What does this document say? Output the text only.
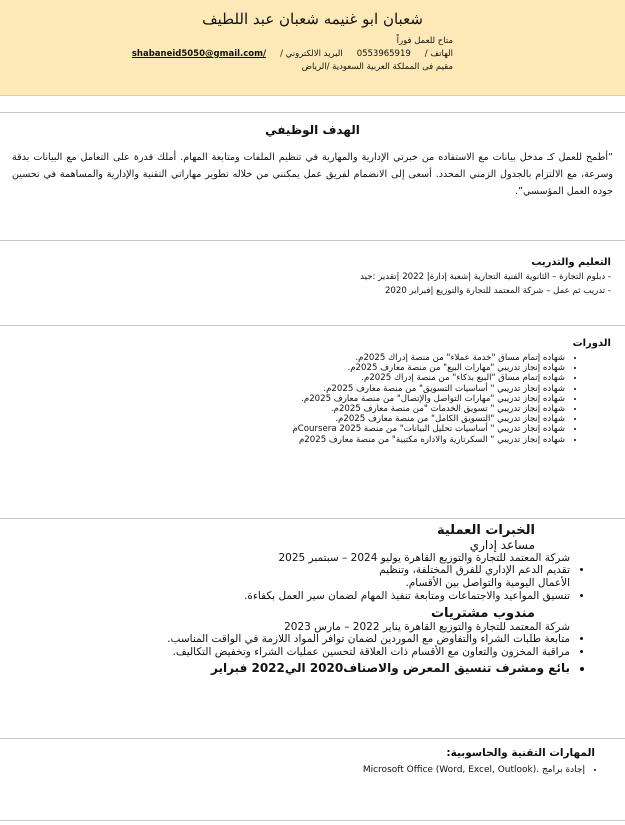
شعبان ابو غنيمه شعبان عبد اللطيف
متاح للعمل فوراً
الهاتف /
0553965919
البريد الالكتروني /
shabaneid5050@gmail.com/
مقيم فى المملكة العربية السعودية /الرياض
الهدف الوظيفي
”أطمح للعمل كـ مدخل بيانات مع الاستفاده من خبرتي الإدارية والمهارية في تنظيم الملفات ومتابعة المهام. أملك قدرة على التعامل مع البيانات بدقة وسرعة، مع الالتزام بالجدول الزمني المحدد. أسعى إلى الانضمام لفريق عمل يمكنني من خلاله تطوير مهاراتي التقنية والإدارية والمساهمة في تحسين جوده العمل المؤسسي”.
التعليم والتدريب
- دبلوم التجارة – الثانوية الفنية التجارية |شعبة إدارة| 2022 |تقدير :جيد
- تدريب ثم عمل – شركة المعتمد للتجارة والتوزيع |فبراير 2020
الدورات
• شهاده إتمام مساق "خدمة عملاء" من منصة إدراك 2025م.
• شهاده إنجاز تدريبي "مهارات البيع" من منصة معارف 2025م.
• شهاده إتمام مساق "البيع بذكاء" من منصة إدراك 2025م.
• شهاده إنجاز تدريبي " أساسيات التسويق" من منصة معارف 2025م.
• شهاده إنجاز تدريبي "مهارات التواصل والإتصال" من منصة معارف 2025م.
• شهاده إنجاز تدريبي " تسويق الخدمات "من منصة معارف 2025م.
• شهاده إنجاز تدريبي "التسويق الكامل" من منصة معارف 2025م.
• شهاده إنجاز تدريبي " أساسيات تحليل البيانات" من منصة Coursera 2025م
• شهاده إنجاز تدريبي " السكرتارية والاداره مكتبية" من منصة معارف 2025م
الخبرات العملية
مساعد إداري
شركة المعتمد للتجارة والتوزيع القاهرة يوليو 2024 – سبتمبر 2025
• تقديم الدعم الإداري للفرق المختلفة، وتنظيم
الأعمال اليومية والتواصل بين الأقسام.
• تنسيق المواعيد والاجتماعات ومتابعة تنفيذ المهام لضمان سير العمل بكفاءة.
مندوب مشتريات
شركة المعتمد للتجارة والتوزيع القاهرة يناير 2022 – مارس 2023
• متابعة طلبات الشراء والتفاوض مع الموردين لضمان توافر المواد اللازمة في الواقت المناسب.
• مراقبة المخزون والتعاون مع الأقسام ذات العلاقة لتحسين عمليات الشراء وتخفيض التكاليف.
• بائع ومشرف تنسيق المعرض والاصناف2020 الي2022 فبراير
المهارات التقنية والحاسوبية:
• إجادة برامج .(Microsoft Office (Word, Excel, Outlook
